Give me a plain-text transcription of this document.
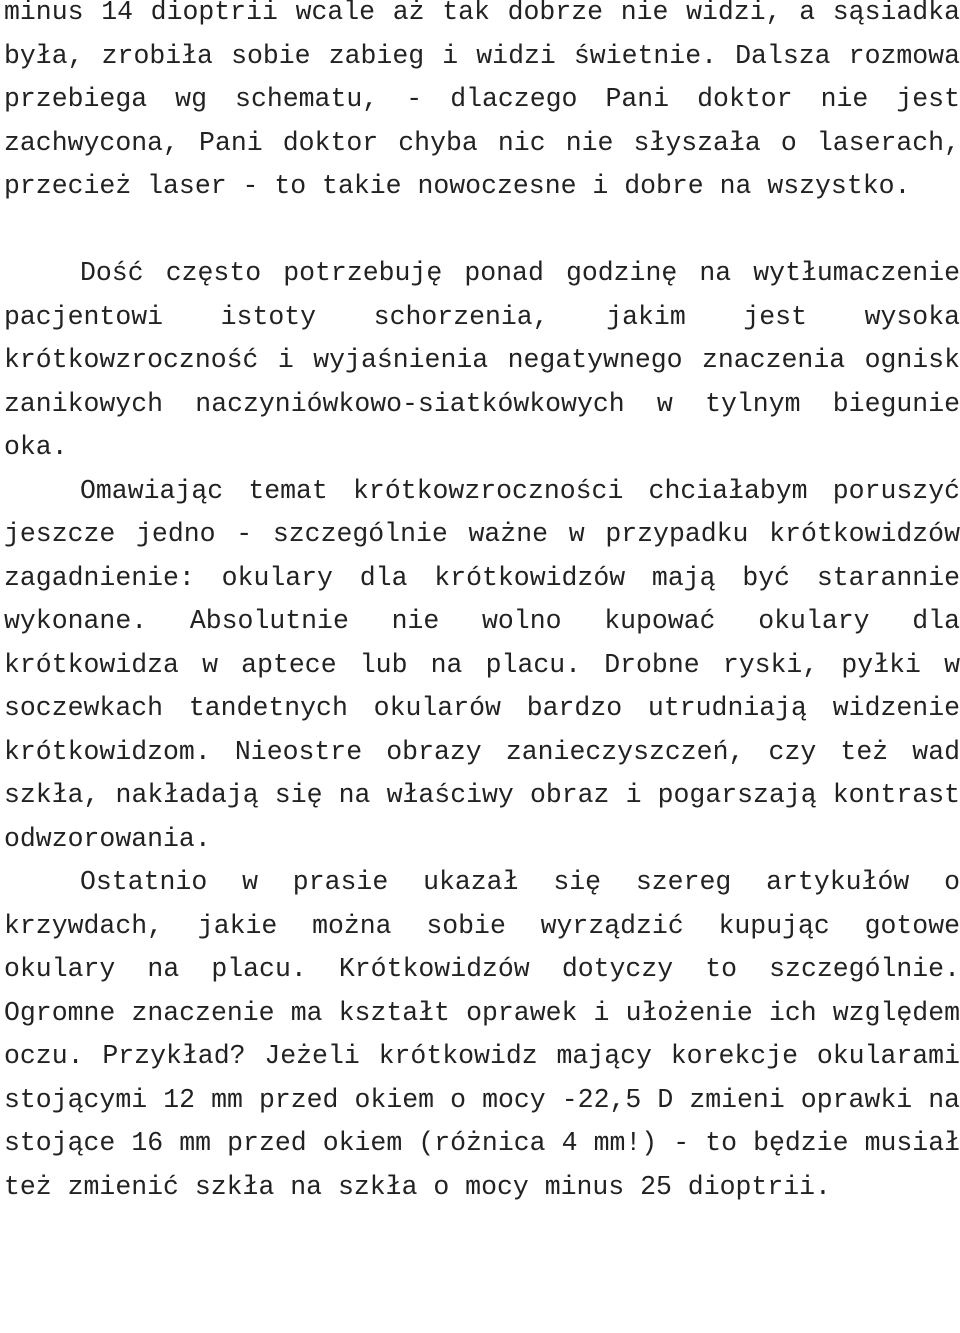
minus 14 dioptrii wcale aż tak dobrze nie widzi, a sąsiadka była, zrobiła sobie zabieg i widzi świetnie. Dalsza rozmowa przebiega wg schematu, - dlaczego Pani doktor nie jest zachwycona, Pani doktor chyba nic nie słyszała o laserach, przecież laser - to takie nowoczesne i dobre na wszystko.

Dość często potrzebuję ponad godzinę na wytłumaczenie pacjentowi istoty schorzenia, jakim jest wysoka krótkowzroczność i wyjaśnienia negatywnego znaczenia ognisk zanikowych naczyniówkowo-siatkówkowych w tylnym biegunie oka.

Omawiając temat krótkowzroczności chciałabym poruszyć jeszcze jedno - szczególnie ważne w przypadku krótkowidzów zagadnienie: okulary dla krótkowidzów mają być starannie wykonane. Absolutnie nie wolno kupować okulary dla krótkowidza w aptece lub na placu. Drobne ryski, pyłki w soczewkach tandetnych okularów bardzo utrudniają widzenie krótkowidzom. Nieostre obrazy zanieczyszczeń, czy też wad szkła, nakładają się na właściwy obraz i pogarszają kontrast odwzorowania.

Ostatnio w prasie ukazał się szereg artykułów o krzywdach, jakie można sobie wyrządzić kupując gotowe okulary na placu. Krótkowidzów dotyczy to szczególnie. Ogromne znaczenie ma kształt oprawek i ułożenie ich względem oczu. Przykład? Jeżeli krótkowidz mający korekcje okularami stojącymi 12 mm przed okiem o mocy -22,5 D zmieni oprawki na stojące 16 mm przed okiem (różnica 4 mm!) - to będzie musiał też zmienić szkła na szkła o mocy minus 25 dioptrii.
